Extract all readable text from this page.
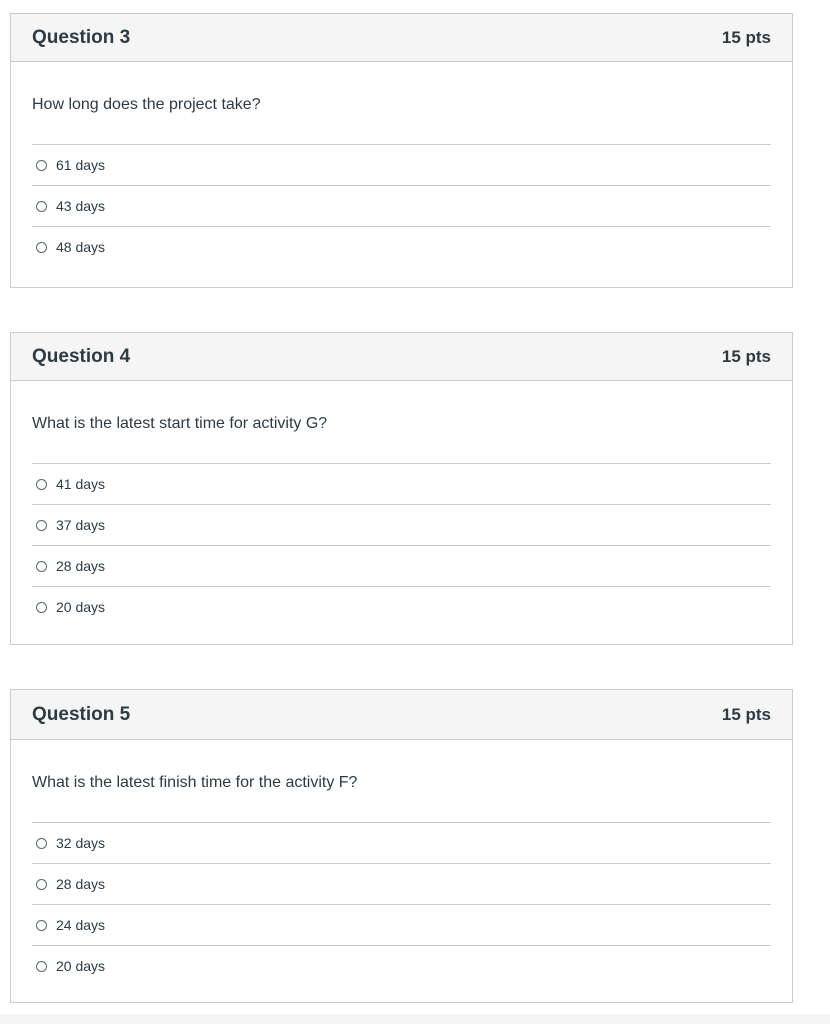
Question 3	15 pts
How long does the project take?
61 days
43 days
48 days
Question 4	15 pts
What is the latest start time for activity G?
41 days
37 days
28 days
20 days
Question 5	15 pts
What is the latest finish time for the activity F?
32 days
28 days
24 days
20 days
